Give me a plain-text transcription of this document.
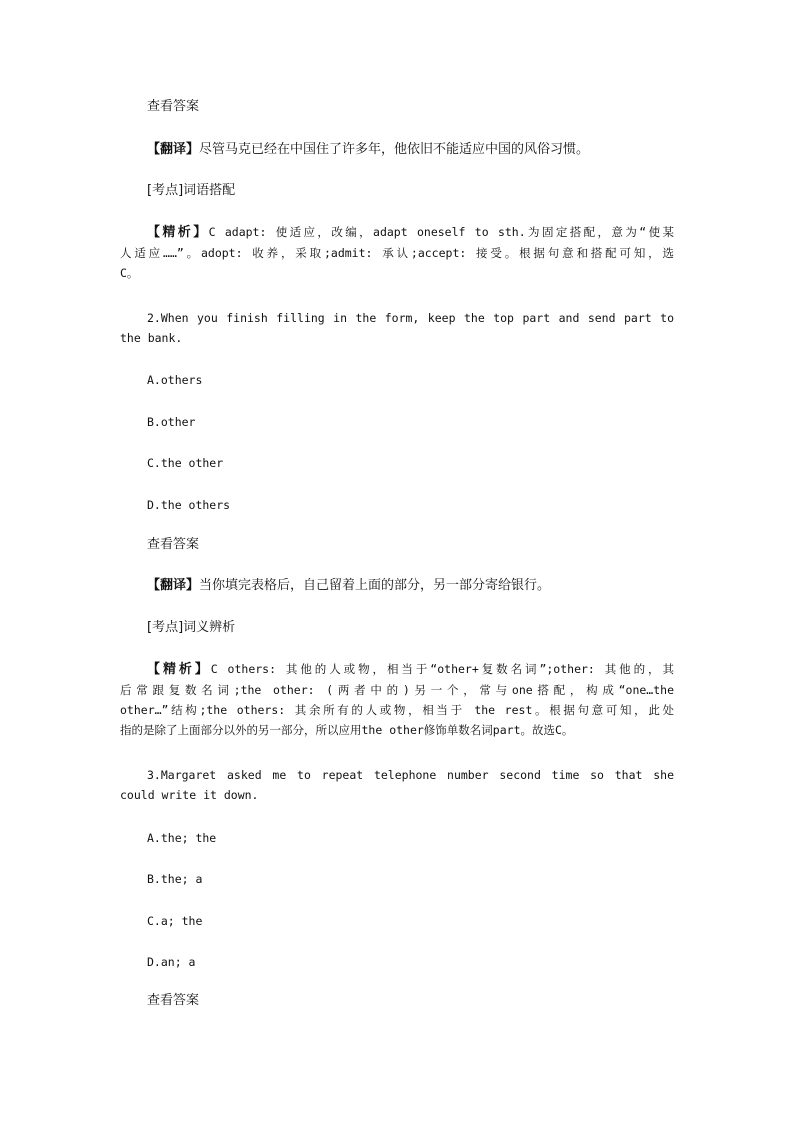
查看答案
【翻译】尽管马克已经在中国住了许多年，他依旧不能适应中国的风俗习惯。
[考点]词语搭配
【精析】C adapt: 使适应，改编，adapt oneself to sth.为固定搭配，意为“使某
人适应……”。adopt: 收养，采取;admit: 承认;accept: 接受。根据句意和搭配可知，选
C。
2.When you finish filling in the form, keep the top part and send part to
the bank.
A.others
B.other
C.the other
D.the others
查看答案
【翻译】当你填完表格后，自己留着上面的部分，另一部分寄给银行。
[考点]词义辨析
【精析】C others: 其他的人或物，相当于“other+复数名词”;other: 其他的，其
后常跟复数名词;the other: (两者中的)另一个，常与one搭配，构成“one…the
other…”结构;the others: 其余所有的人或物，相当于 the rest。根据句意可知，此处
指的是除了上面部分以外的另一部分，所以应用the other修饰单数名词part。故选C。
3.Margaret asked me to repeat telephone number second time so that she
could write it down.
A.the; the
B.the; a
C.a; the
D.an; a
查看答案
